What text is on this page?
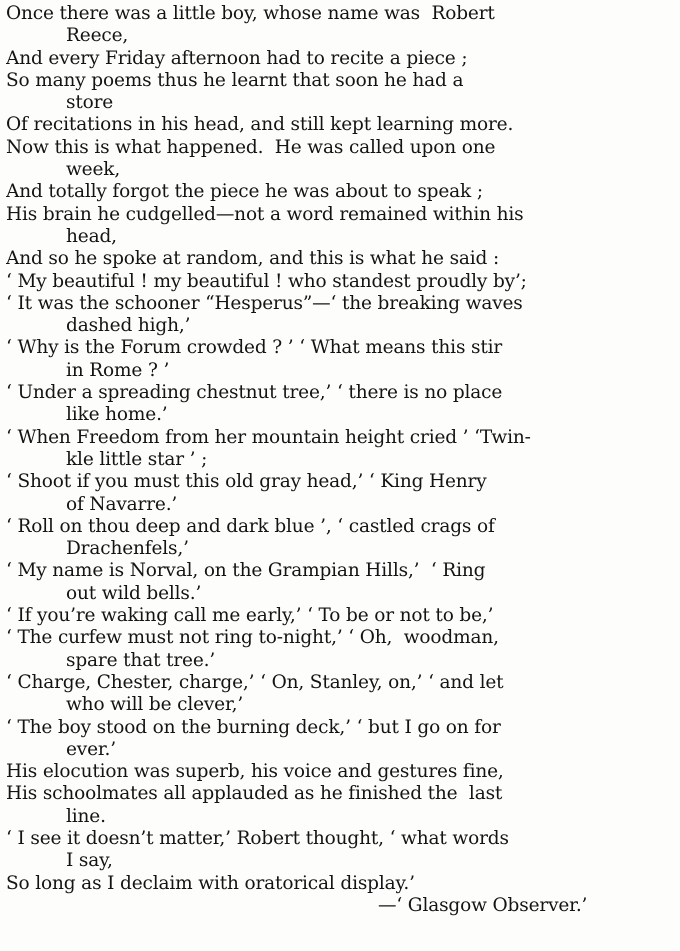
Once there was a little boy, whose name was  Robert
Reece,
And every Friday afternoon had to recite a piece ;
So many poems thus he learnt that soon he had a
store
Of recitations in his head, and still kept learning more.
Now this is what happened.  He was called upon one
week,
And totally forgot the piece he was about to speak ;
His brain he cudgelled—not a word remained within his
head,
And so he spoke at random, and this is what he said :
‘ My beautiful ! my beautiful ! who standest proudly by’;
‘ It was the schooner “Hesperus”—‘ the breaking waves
dashed high,’
‘ Why is the Forum crowded ? ’ ‘ What means this stir
in Rome ? ’
‘ Under a spreading chestnut tree,’ ‘ there is no place
like home.’
‘ When Freedom from her mountain height cried ’ ‘Twin-
kle little star ’ ;
‘ Shoot if you must this old gray head,’ ‘ King Henry
of Navarre.’
‘ Roll on thou deep and dark blue ’, ‘ castled crags of
Drachenfels,’
‘ My name is Norval, on the Grampian Hills,’  ‘ Ring
out wild bells.’
‘ If you’re waking call me early,’ ‘ To be or not to be,’
‘ The curfew must not ring to-night,’ ‘ Oh,  woodman,
spare that tree.’
‘ Charge, Chester, charge,’ ‘ On, Stanley, on,’ ‘ and let
who will be clever,’
‘ The boy stood on the burning deck,’ ‘ but I go on for
ever.’
His elocution was superb, his voice and gestures fine,
His schoolmates all applauded as he finished the  last
line.
‘ I see it doesn’t matter,’ Robert thought, ‘ what words
I say,
So long as I declaim with oratorical display.’
—‘ Glasgow Observer.’
